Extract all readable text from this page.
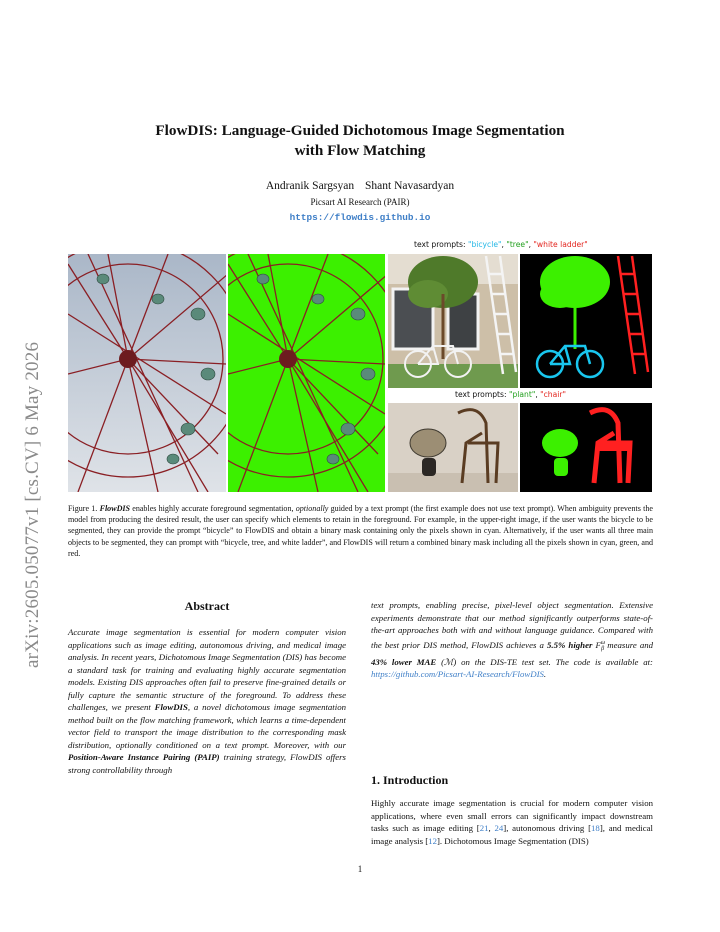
arXiv:2605.05077v1 [cs.CV] 6 May 2026
FlowDIS: Language-Guided Dichotomous Image Segmentation
with Flow Matching
Andranik Sargsyan Shant Navasardyan
Picsart AI Research (PAIR)
https://flowdis.github.io
text prompts: "bicycle", "tree", "white ladder"
text prompts: "plant", "chair"
Figure 1. FlowDIS enables highly accurate foreground segmentation, optionally guided by a text prompt (the first example does not use text prompt). When ambiguity prevents the model from producing the desired result, the user can specify which elements to retain in the foreground. For example, in the upper-right image, if the user wants the bicycle to be segmented, they can provide the prompt “bicycle” to FlowDIS and obtain a binary mask containing only the pixels shown in cyan. Alternatively, if the user wants all three main objects to be segmented, they can prompt with “bicycle, tree, and white ladder”, and FlowDIS will return a combined binary mask including all the pixels shown in cyan, green, and red.
Abstract
Accurate image segmentation is essential for modern computer vision applications such as image editing, autonomous driving, and medical image analysis. In recent years, Dichotomous Image Segmentation (DIS) has become a standard task for training and evaluating highly accurate segmentation models. Existing DIS approaches often fail to preserve fine-grained details or fully capture the semantic structure of the foreground. To address these challenges, we present FlowDIS, a novel dichotomous image segmentation method built on the flow matching framework, which learns a time-dependent vector field to transport the image distribution to the corresponding mask distribution, optionally conditioned on a text prompt. Moreover, with our Position-Aware Instance Pairing (PAIP) training strategy, FlowDIS offers strong controllability through
text prompts, enabling precise, pixel-level object segmentation. Extensive experiments demonstrate that our method significantly outperforms state-of-the-art approaches both with and without language guidance. Compared with the best prior DIS method, FlowDIS achieves a 5.5% higher $F^\omega_\beta$ measure and 43% lower MAE (ℳ) on the DIS-TE test set. The code is available at: https://github.com/Picsart-AI-Research/FlowDIS.
1. Introduction
Highly accurate image segmentation is crucial for modern computer vision applications, where even small errors can significantly impact downstream tasks such as image editing [21, 24], autonomous driving [18], and medical image analysis [12]. Dichotomous Image Segmentation (DIS)
1
